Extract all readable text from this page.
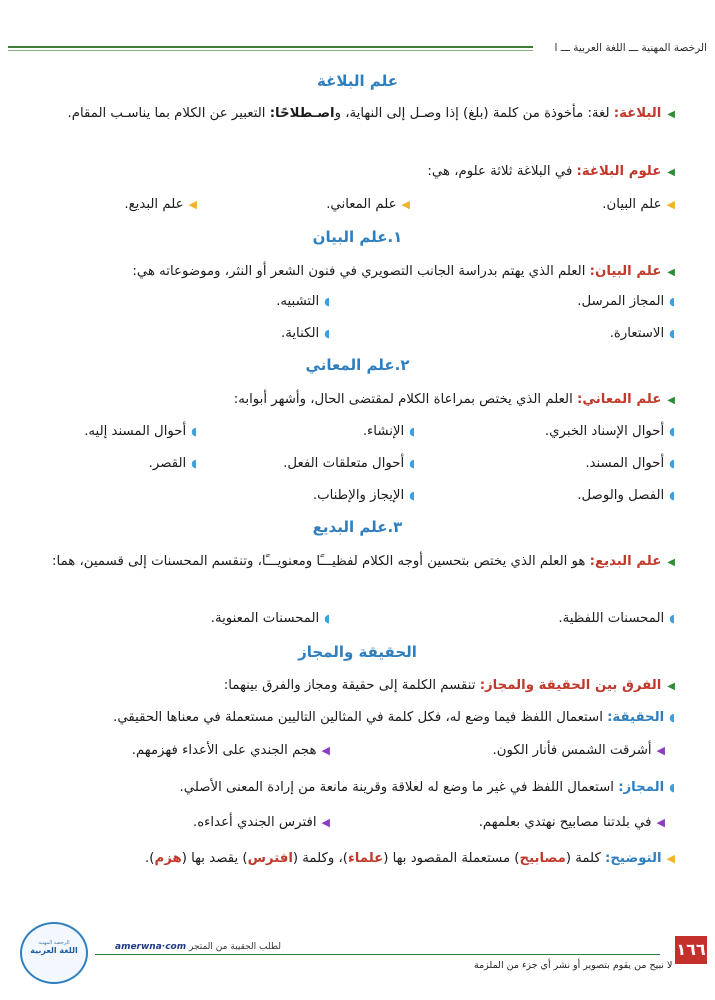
الرخصة المهنية ـــ اللغة العربية ـــ ا
علم البلاغة
◀البلاغة: لغة: مأخوذة من كلمة (بلغ) إذا وصـل إلى النهاية، واصـطلاحًا: التعبير عن الكلام بما يناسـب المقام.
◀علوم البلاغة: في البلاغة ثلاثة علوم، هي:
◀علم البيان.
◀علم المعاني.
◀علم البديع.
١.علم البيان
◀علم البيان: العلم الذي يهتم بدراسة الجانب التصويري في فنون الشعر أو النثر، وموضوعاته هي:
◖المجاز المرسل.
◖التشبيه.
◖الاستعارة.
◖الكناية.
٢.علم المعاني
◀علم المعاني: العلم الذي يختص بمراعاة الكلام لمقتضى الحال، وأشهر أبوابه:
◖أحوال الإسناد الخبري.
◖الإنشاء.
◖أحوال المسند إليه.
◖أحوال المسند.
◖أحوال متعلقات الفعل.
◖القصر.
◖الفصل والوصل.
◖الإيجاز والإطناب.
٣.علم البديع
◀علم البديع: هو العلم الذي يختص بتحسين أوجه الكلام لفظيـــًا ومعنويـــًا، وتنقسم المحسنات إلى قسمين، هما:
◖المحسنات اللفظية.
◖المحسنات المعنوية.
الحقيقة والمجاز
◀الفرق بين الحقيقة والمجاز: تنقسم الكلمة إلى حقيقة ومجاز والفرق بينهما:
◖الحقيقة: استعمال اللفظ فيما وضع له، فكل كلمة في المثالين التاليين مستعملة في معناها الحقيقي.
◀أشرقت الشمس فأنار الكون.
◀هجم الجندي على الأعداء فهزمهم.
◖المجاز: استعمال اللفظ في غير ما وضع له لعلاقة وقرينة مانعة من إرادة المعنى الأصلي.
◀في بلدتنا مصابيح نهتدي بعلمهم.
◀افترس الجندي أعداءه.
◀التوضيح: كلمة (مصابيح) مستعملة المقصود بها (علماء)، وكلمة (افترس) يقصد بها (هزم).
الرخصة المهنية
اللغة العربية	amerwna·com لطلب الحقيبة من المتجر
لا نبيح من يقوم بتصوير أو نشر أي جزء من الملزمة
١٦٦
